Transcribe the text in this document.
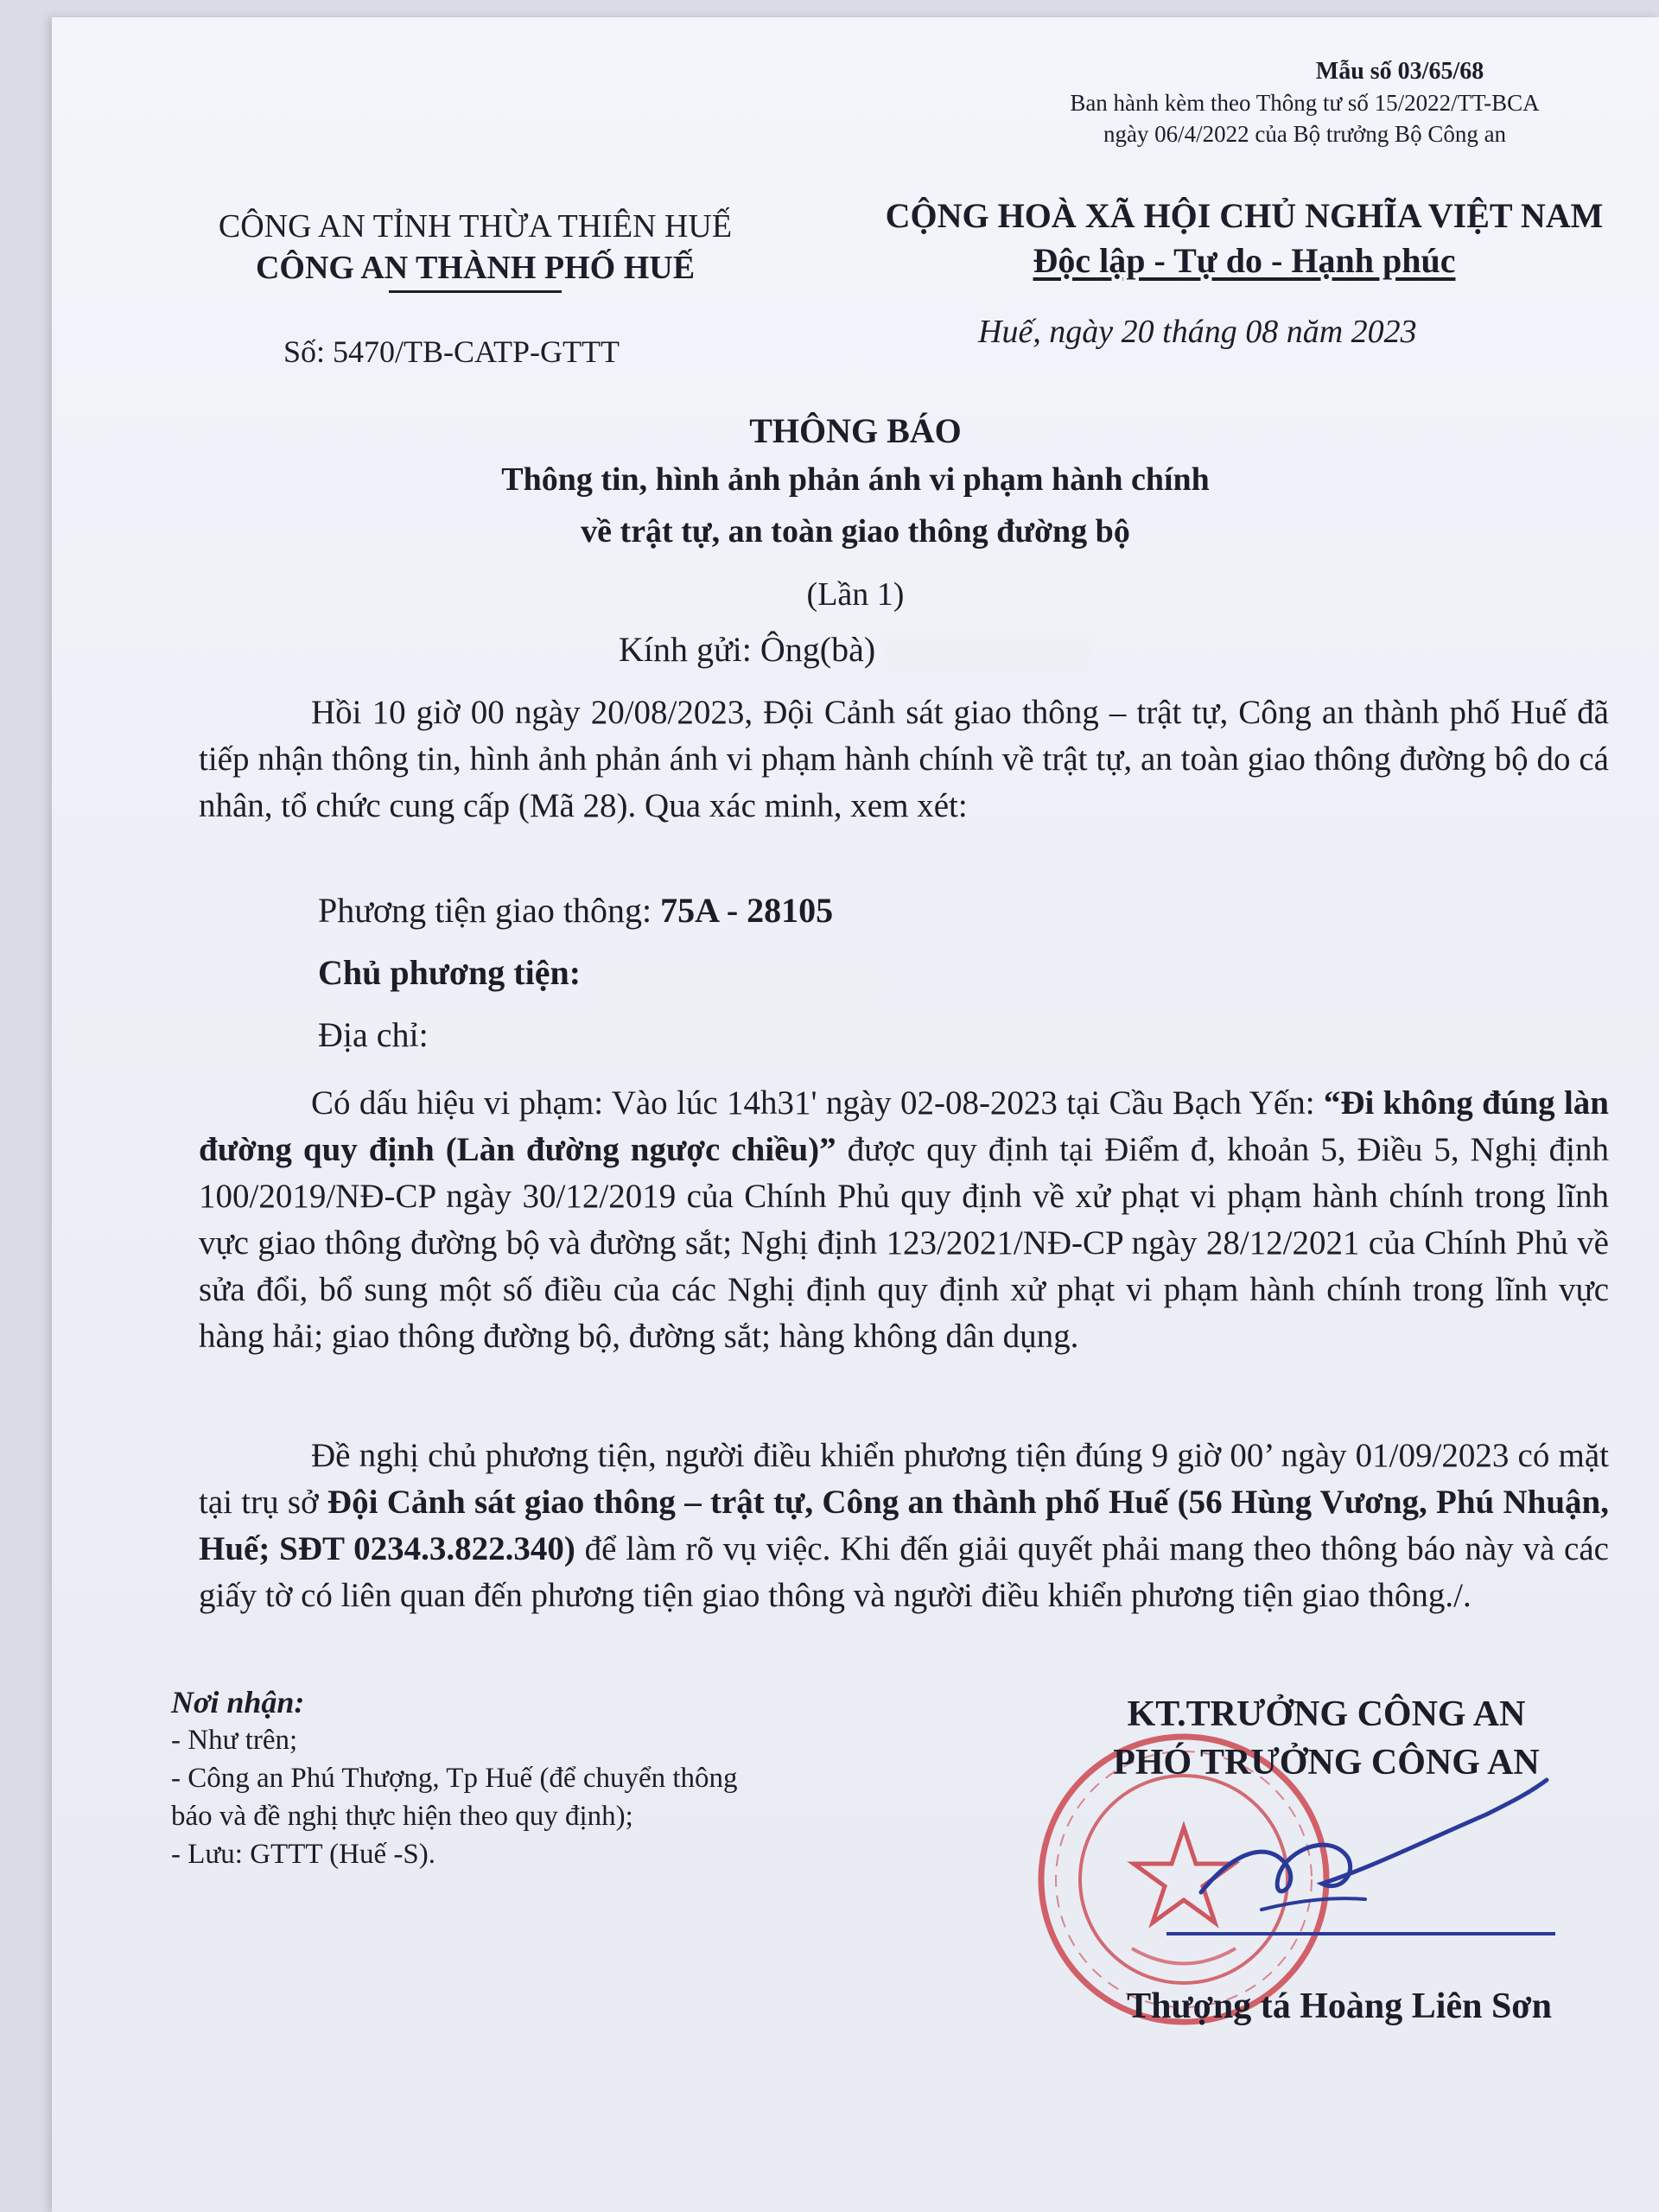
Mẫu số 03/65/68
Ban hành kèm theo Thông tư số 15/2022/TT-BCA
ngày 06/4/2022 của Bộ trưởng Bộ Công an
CÔNG AN TỈNH THỪA THIÊN HUẾ
CÔNG AN THÀNH PHỐ HUẾ
Số: 5470/TB-CATP-GTTT
CỘNG HOÀ XÃ HỘI CHỦ NGHĨA VIỆT NAM
Độc lập - Tự do - Hạnh phúc
Huế, ngày 20 tháng 08 năm 2023
THÔNG BÁO
Thông tin, hình ảnh phản ánh vi phạm hành chính
về trật tự, an toàn giao thông đường bộ
(Lần 1)
Kính gửi: Ông(bà)
Hồi 10 giờ 00 ngày 20/08/2023, Đội Cảnh sát giao thông – trật tự, Công an thành phố Huế đã tiếp nhận thông tin, hình ảnh phản ánh vi phạm hành chính về trật tự, an toàn giao thông đường bộ do cá nhân, tổ chức cung cấp (Mã 28). Qua xác minh, xem xét:
Phương tiện giao thông: 75A - 28105
Chủ phương tiện:
Địa chỉ:
Có dấu hiệu vi phạm: Vào lúc 14h31' ngày 02-08-2023 tại Cầu Bạch Yến: “Đi không đúng làn đường quy định (Làn đường ngược chiều)” được quy định tại Điểm đ, khoản 5, Điều 5, Nghị định 100/2019/NĐ-CP ngày 30/12/2019 của Chính Phủ quy định về xử phạt vi phạm hành chính trong lĩnh vực giao thông đường bộ và đường sắt; Nghị định 123/2021/NĐ-CP ngày 28/12/2021 của Chính Phủ về sửa đổi, bổ sung một số điều của các Nghị định quy định xử phạt vi phạm hành chính trong lĩnh vực hàng hải; giao thông đường bộ, đường sắt; hàng không dân dụng.
Đề nghị chủ phương tiện, người điều khiển phương tiện đúng 9 giờ 00’ ngày 01/09/2023 có mặt tại trụ sở Đội Cảnh sát giao thông – trật tự, Công an thành phố Huế (56 Hùng Vương, Phú Nhuận, Huế; SĐT 0234.3.822.340) để làm rõ vụ việc. Khi đến giải quyết phải mang theo thông báo này và các giấy tờ có liên quan đến phương tiện giao thông và người điều khiển phương tiện giao thông./.
Nơi nhận:
- Như trên;
- Công an Phú Thượng, Tp Huế (để chuyển thông
báo và đề nghị thực hiện theo quy định);
- Lưu: GTTT (Huế -S).
KT.TRƯỞNG CÔNG AN
PHÓ TRƯỞNG CÔNG AN
Thượng tá Hoàng Liên Sơn
